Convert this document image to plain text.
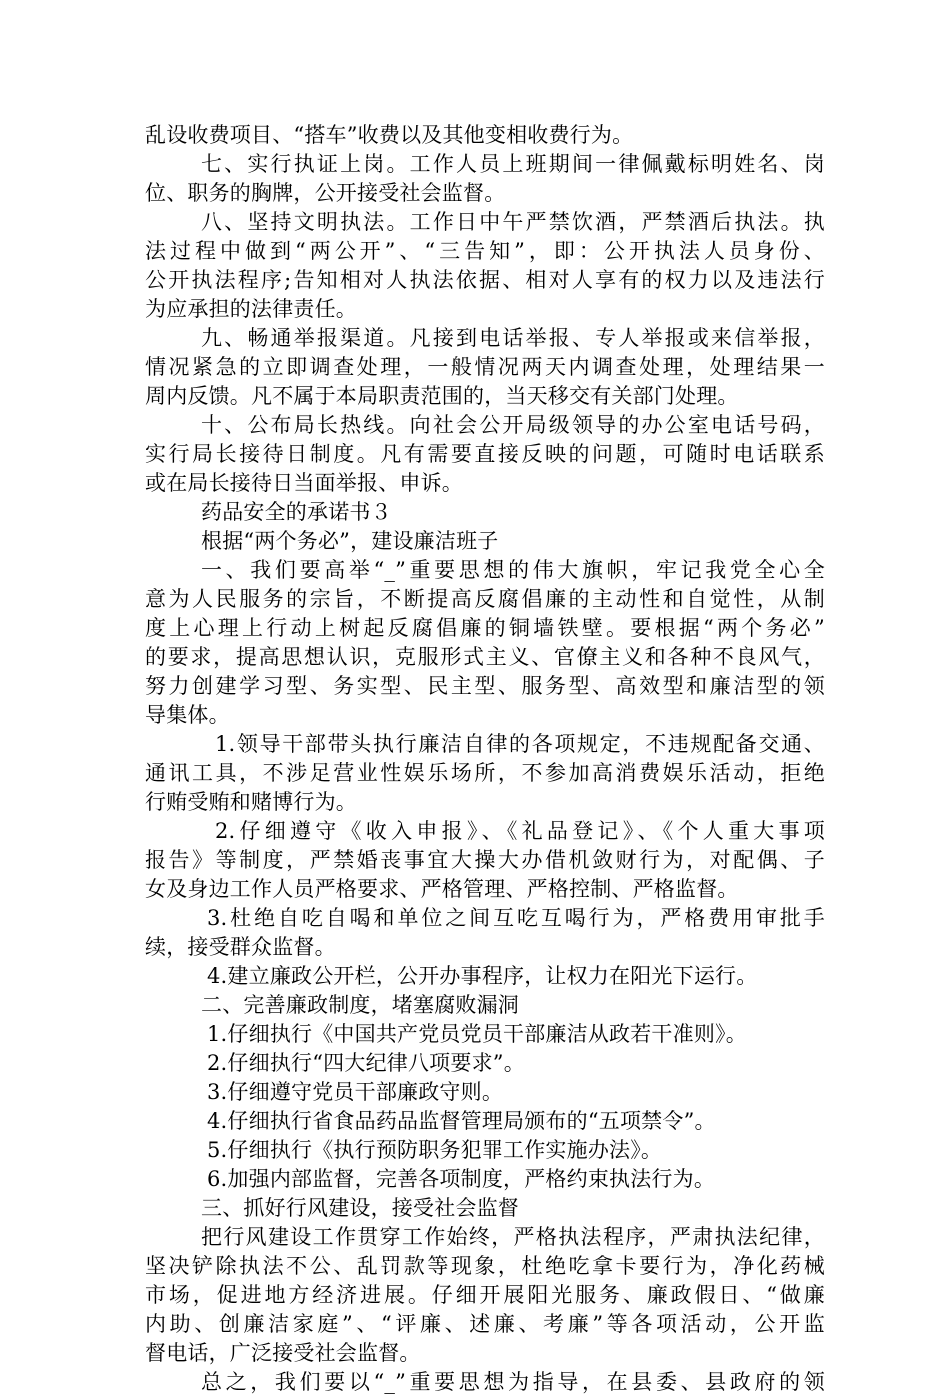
乱设收费项目、“搭车”收费以及其他变相收费行为。
七、实行执证上岗。工作人员上班期间一律佩戴标明姓名、岗
位、职务的胸牌，公开接受社会监督。
八、坚持文明执法。工作日中午严禁饮酒，严禁酒后执法。执
法过程中做到“两公开”、“三告知”，即：公开执法人员身份、
公开执法程序;告知相对人执法依据、相对人享有的权力以及违法行
为应承担的法律责任。
九、畅通举报渠道。凡接到电话举报、专人举报或来信举报，
情况紧急的立即调查处理，一般情况两天内调查处理，处理结果一
周内反馈。凡不属于本局职责范围的，当天移交有关部门处理。
十、公布局长热线。向社会公开局级领导的办公室电话号码，
实行局长接待日制度。凡有需要直接反映的问题，可随时电话联系
或在局长接待日当面举报、申诉。
药品安全的承诺书３
根据“两个务必”，建设廉洁班子
一、我们要高举“_”重要思想的伟大旗帜，牢记我党全心全
意为人民服务的宗旨，不断提高反腐倡廉的主动性和自觉性，从制
度上心理上行动上树起反腐倡廉的铜墙铁壁。要根据“两个务必”
的要求，提高思想认识，克服形式主义、官僚主义和各种不良风气，
努力创建学习型、务实型、民主型、服务型、高效型和廉洁型的领
导集体。
1.领导干部带头执行廉洁自律的各项规定，不违规配备交通、
通讯工具，不涉足营业性娱乐场所，不参加高消费娱乐活动，拒绝
行贿受贿和赌博行为。
2.仔细遵守《收入申报》、《礼品登记》、《个人重大事项
报告》等制度，严禁婚丧事宜大操大办借机敛财行为，对配偶、子
女及身边工作人员严格要求、严格管理、严格控制、严格监督。
3.杜绝自吃自喝和单位之间互吃互喝行为，严格费用审批手
续，接受群众监督。
4.建立廉政公开栏，公开办事程序，让权力在阳光下运行。
二、完善廉政制度，堵塞腐败漏洞
1.仔细执行《中国共产党员党员干部廉洁从政若干准则》。
2.仔细执行“四大纪律八项要求”。
3.仔细遵守党员干部廉政守则。
4.仔细执行省食品药品监督管理局颁布的“五项禁令”。
5.仔细执行《执行预防职务犯罪工作实施办法》。
6.加强内部监督，完善各项制度，严格约束执法行为。
三、抓好行风建设，接受社会监督
把行风建设工作贯穿工作始终，严格执法程序，严肃执法纪律，
坚决铲除执法不公、乱罚款等现象，杜绝吃拿卡要行为，净化药械
市场，促进地方经济进展。仔细开展阳光服务、廉政假日、“做廉
内助、创廉洁家庭”、“评廉、述廉、考廉”等各项活动，公开监
督电话，广泛接受社会监督。
总之，我们要以“_”重要思想为指导，在县委、县政府的领
